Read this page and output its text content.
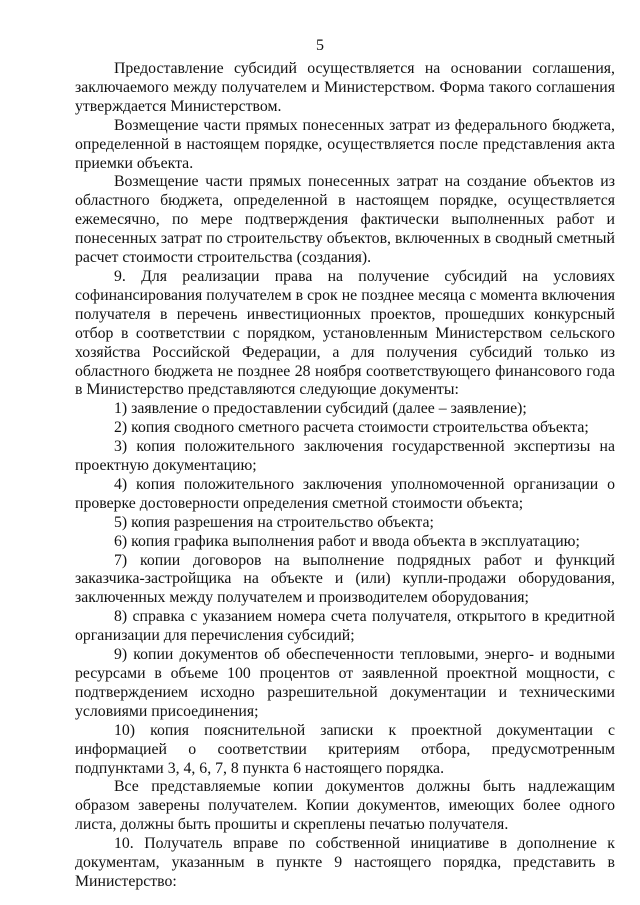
5

Предоставление субсидий осуществляется на основании соглашения, заключаемого между получателем и Министерством. Форма такого соглашения утверждается Министерством.

Возмещение части прямых понесенных затрат из федерального бюджета, определенной в настоящем порядке, осуществляется после представления акта приемки объекта.

Возмещение части прямых понесенных затрат на создание объектов из областного бюджета, определенной в настоящем порядке, осуществляется ежемесячно, по мере подтверждения фактически выполненных работ и понесенных затрат по строительству объектов, включенных в сводный сметный расчет стоимости строительства (создания).

9. Для реализации права на получение субсидий на условиях софинансирования получателем в срок не позднее месяца с момента включения получателя в перечень инвестиционных проектов, прошедших конкурсный отбор в соответствии с порядком, установленным Министерством сельского хозяйства Российской Федерации, а для получения субсидий только из областного бюджета не позднее 28 ноября соответствующего финансового года в Министерство представляются следующие документы:

1) заявление о предоставлении субсидий (далее – заявление);

2) копия сводного сметного расчета стоимости строительства объекта;

3) копия положительного заключения государственной экспертизы на проектную документацию;

4) копия положительного заключения уполномоченной организации о проверке достоверности определения сметной стоимости объекта;

5) копия разрешения на строительство объекта;

6) копия графика выполнения работ и ввода объекта в эксплуатацию;

7) копии договоров на выполнение подрядных работ и функций заказчика-застройщика на объекте и (или) купли-продажи оборудования, заключенных между получателем и производителем оборудования;

8) справка с указанием номера счета получателя, открытого в кредитной организации для перечисления субсидий;

9) копии документов об обеспеченности тепловыми, энерго- и водными ресурсами в объеме 100 процентов от заявленной проектной мощности, с подтверждением исходно разрешительной документации и техническими условиями присоединения;

10) копия пояснительной записки к проектной документации с информацией о соответствии критериям отбора, предусмотренным подпунктами 3, 4, 6, 7, 8 пункта 6 настоящего порядка.

Все представляемые копии документов должны быть надлежащим образом заверены получателем. Копии документов, имеющих более одного листа, должны быть прошиты и скреплены печатью получателя.

10. Получатель вправе по собственной инициативе в дополнение к документам, указанным в пункте 9 настоящего порядка, представить в Министерство:
